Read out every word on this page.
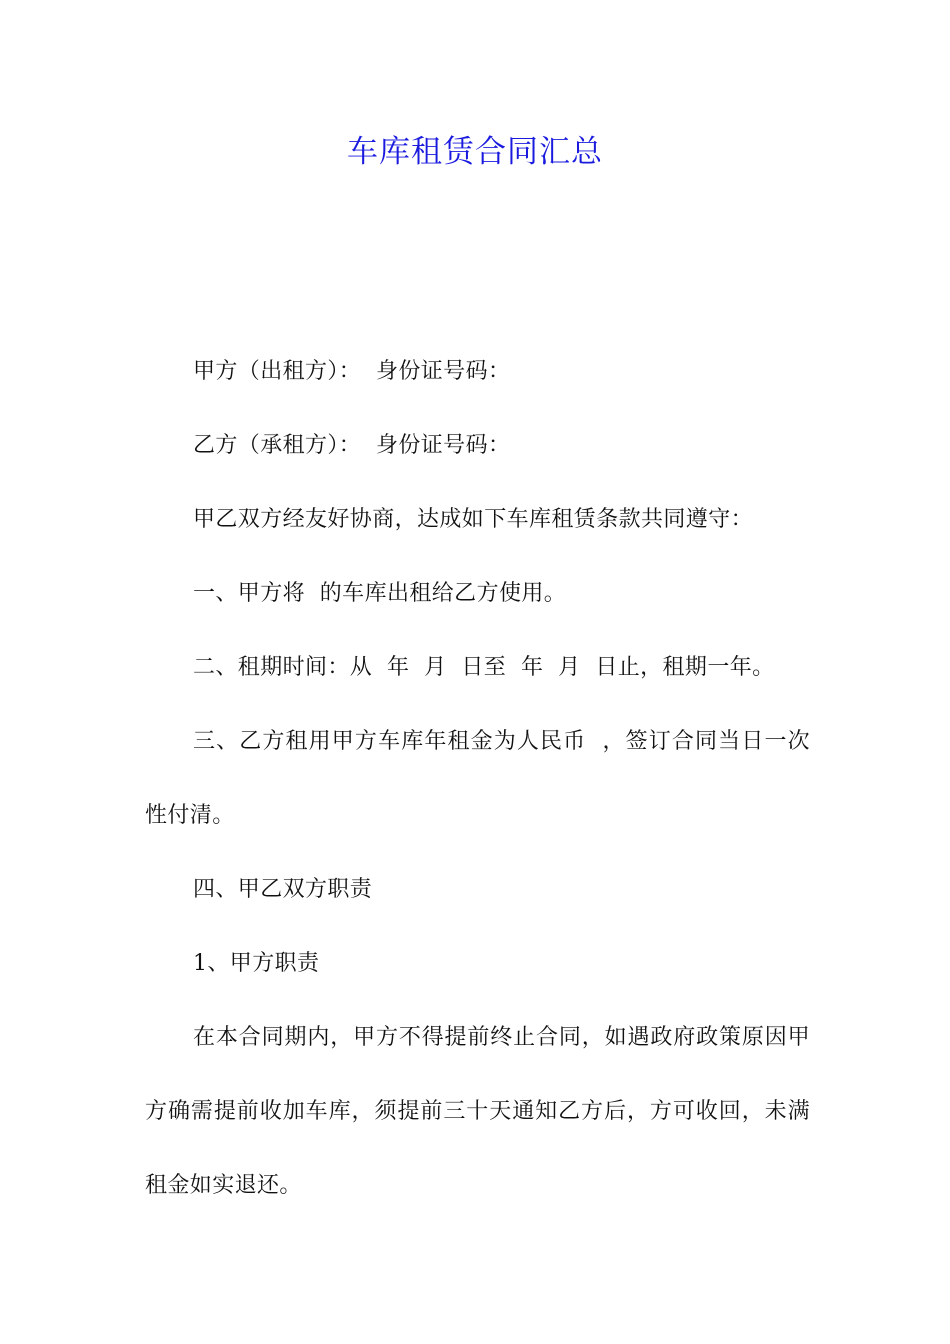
车库租赁合同汇总

甲方（出租方）：  身份证号码：

乙方（承租方）：  身份证号码：

甲乙双方经友好协商，达成如下车库租赁条款共同遵守：

一、甲方将  的车库出租给乙方使用。

二、租期时间：从  年  月  日至  年  月  日止，租期一年。

三、乙方租用甲方车库年租金为人民币  ，签订合同当日一次性付清。

四、甲乙双方职责

1、甲方职责

在本合同期内，甲方不得提前终止合同，如遇政府政策原因甲方确需提前收加车库，须提前三十天通知乙方后，方可收回，未满租金如实退还。
